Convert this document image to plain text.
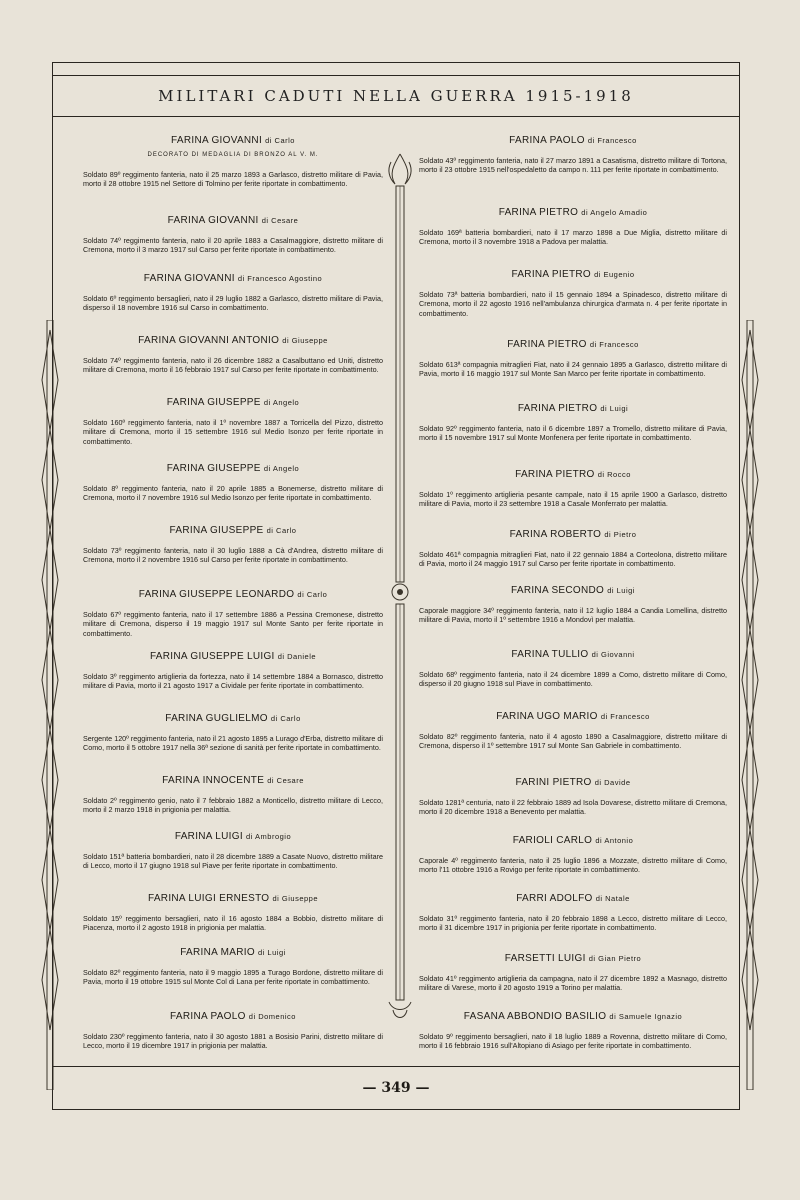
MILITARI CADUTI NELLA GUERRA 1915-1918
FARINA GIOVANNI di Carlo
DECORATO DI MEDAGLIA DI BRONZO AL V. M.
Soldato 89º reggimento fanteria, nato il 25 marzo 1893 a Garlasco, distretto militare di Pavia, morto il 28 ottobre 1915 nel Settore di Tolmino per ferite riportate in combattimento.
FARINA GIOVANNI di Cesare
Soldato 74º reggimento fanteria, nato il 20 aprile 1883 a Casalmaggiore, distretto militare di Cremona, morto il 3 marzo 1917 sul Carso per ferite riportate in combattimento.
FARINA GIOVANNI di Francesco Agostino
Soldato 6º reggimento bersaglieri, nato il 29 luglio 1882 a Garlasco, distretto militare di Pavia, disperso il 18 novembre 1916 sul Carso in combattimento.
FARINA GIOVANNI ANTONIO di Giuseppe
Soldato 74º reggimento fanteria, nato il 26 dicembre 1882 a Casalbuttano ed Uniti, distretto militare di Cremona, morto il 16 febbraio 1917 sul Carso per ferite riportate in combattimento.
FARINA GIUSEPPE di Angelo
Soldato 160º reggimento fanteria, nato il 1º novembre 1887 a Torricella del Pizzo, distretto militare di Cremona, morto il 15 settembre 1916 sul Medio Isonzo per ferite riportate in combattimento.
FARINA GIUSEPPE di Angelo
Soldato 8º reggimento fanteria, nato il 20 aprile 1885 a Bonemerse, distretto militare di Cremona, morto il 7 novembre 1916 sul Medio Isonzo per ferite riportate in combattimento.
FARINA GIUSEPPE di Carlo
Soldato 73º reggimento fanteria, nato il 30 luglio 1888 a Cà d'Andrea, distretto militare di Cremona, morto il 2 novembre 1916 sul Carso per ferite riportate in combattimento.
FARINA GIUSEPPE LEONARDO di Carlo
Soldato 67º reggimento fanteria, nato il 17 settembre 1886 a Pessina Cremonese, distretto militare di Cremona, disperso il 19 maggio 1917 sul Monte Santo per ferite riportate in combattimento.
FARINA GIUSEPPE LUIGI di Daniele
Soldato 3º reggimento artiglieria da fortezza, nato il 14 settembre 1884 a Bornasco, distretto militare di Pavia, morto il 21 agosto 1917 a Cividale per ferite riportate in combattimento.
FARINA GUGLIELMO di Carlo
Sergente 120º reggimento fanteria, nato il 21 agosto 1895 a Lurago d'Erba, distretto militare di Como, morto il 5 ottobre 1917 nella 36ª sezione di sanità per ferite riportate in combattimento.
FARINA INNOCENTE di Cesare
Soldato 2º reggimento genio, nato il 7 febbraio 1882 a Monticello, distretto militare di Lecco, morto il 2 marzo 1918 in prigionia per malattia.
FARINA LUIGI di Ambrogio
Soldato 151ª batteria bombardieri, nato il 28 dicembre 1889 a Casate Nuovo, distretto militare di Lecco, morto il 17 giugno 1918 sul Piave per ferite riportate in combattimento.
FARINA LUIGI ERNESTO di Giuseppe
Soldato 15º reggimento bersaglieri, nato il 16 agosto 1884 a Bobbio, distretto militare di Piacenza, morto il 2 agosto 1918 in prigionia per malattia.
FARINA MARIO di Luigi
Soldato 82º reggimento fanteria, nato il 9 maggio 1895 a Turago Bordone, distretto militare di Pavia, morto il 19 ottobre 1915 sul Monte Col di Lana per ferite riportate in combattimento.
FARINA PAOLO di Domenico
Soldato 230º reggimento fanteria, nato il 30 agosto 1881 a Bosisio Parini, distretto militare di Lecco, morto il 19 dicembre 1917 in prigionia per malattia.
FARINA PAOLO di Francesco
Soldato 43º reggimento fanteria, nato il 27 marzo 1891 a Casatisma, distretto militare di Tortona, morto il 23 ottobre 1915 nell'ospedaletto da campo n. 111 per ferite riportate in combattimento.
FARINA PIETRO di Angelo Amadio
Soldato 169ª batteria bombardieri, nato il 17 marzo 1898 a Due Miglia, distretto militare di Cremona, morto il 3 novembre 1918 a Padova per malattia.
FARINA PIETRO di Eugenio
Soldato 73ª batteria bombardieri, nato il 15 gennaio 1894 a Spinadesco, distretto militare di Cremona, morto il 22 agosto 1916 nell'ambulanza chirurgica d'armata n. 4 per ferite riportate in combattimento.
FARINA PIETRO di Francesco
Soldato 613ª compagnia mitraglieri Fiat, nato il 24 gennaio 1895 a Garlasco, distretto militare di Pavia, morto il 16 maggio 1917 sul Monte San Marco per ferite riportate in combattimento.
FARINA PIETRO di Luigi
Soldato 92º reggimento fanteria, nato il 6 dicembre 1897 a Tromello, distretto militare di Pavia, morto il 15 novembre 1917 sul Monte Monfenera per ferite riportate in combattimento.
FARINA PIETRO di Rocco
Soldato 1º reggimento artiglieria pesante campale, nato il 15 aprile 1900 a Garlasco, distretto militare di Pavia, morto il 23 settembre 1918 a Casale Monferrato per malattia.
FARINA ROBERTO di Pietro
Soldato 461ª compagnia mitraglieri Fiat, nato il 22 gennaio 1884 a Corteolona, distretto militare di Pavia, morto il 24 maggio 1917 sul Carso per ferite riportate in combattimento.
FARINA SECONDO di Luigi
Caporale maggiore 34º reggimento fanteria, nato il 12 luglio 1884 a Candia Lomellina, distretto militare di Pavia, morto il 1º settembre 1916 a Mondovì per malattia.
FARINA TULLIO di Giovanni
Soldato 68º reggimento fanteria, nato il 24 dicembre 1899 a Como, distretto militare di Como, disperso il 20 giugno 1918 sul Piave in combattimento.
FARINA UGO MARIO di Francesco
Soldato 82º reggimento fanteria, nato il 4 agosto 1890 a Casalmaggiore, distretto militare di Cremona, disperso il 1º settembre 1917 sul Monte San Gabriele in combattimento.
FARINI PIETRO di Davide
Soldato 1281ª centuria, nato il 22 febbraio 1889 ad Isola Dovarese, distretto militare di Cremona, morto il 20 dicembre 1918 a Benevento per malattia.
FARIOLI CARLO di Antonio
Caporale 4º reggimento fanteria, nato il 25 luglio 1896 a Mozzate, distretto militare di Como, morto l'11 ottobre 1916 a Rovigo per ferite riportate in combattimento.
FARRI ADOLFO di Natale
Soldato 31º reggimento fanteria, nato il 20 febbraio 1898 a Lecco, distretto militare di Lecco, morto il 31 dicembre 1917 in prigionia per ferite riportate in combattimento.
FARSETTI LUIGI di Gian Pietro
Soldato 41º reggimento artiglieria da campagna, nato il 27 dicembre 1892 a Masnago, distretto militare di Varese, morto il 20 agosto 1919 a Torino per malattia.
FASANA ABBONDIO BASILIO di Samuele Ignazio
Soldato 9º reggimento bersaglieri, nato il 18 luglio 1889 a Rovenna, distretto militare di Como, morto il 16 febbraio 1916 sull'Altopiano di Asiago per ferite riportate in combattimento.
— 349 —
